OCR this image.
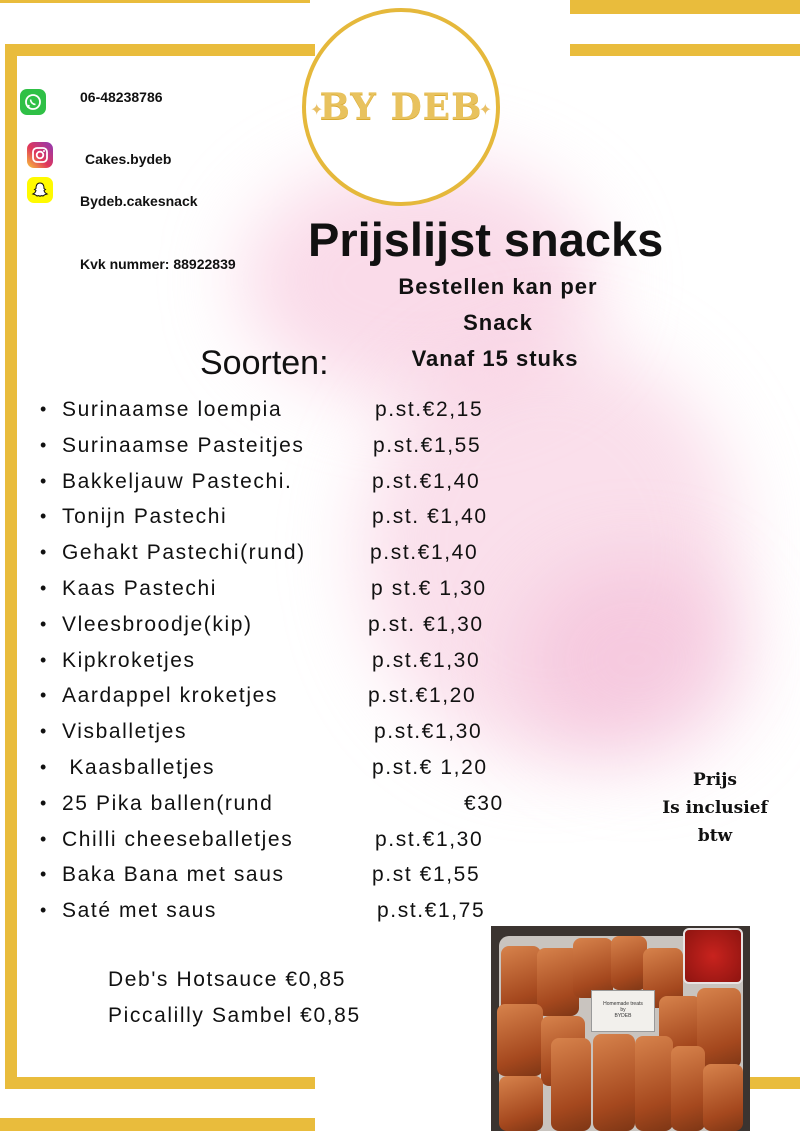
✦
BY DEB
✦
06-48238786
Cakes.bydeb
Bydeb.cakesnack
Kvk nummer: 88922839 Prijslijst snacks
Bestellen kan per
Snack
Vanaf 15 stuks
Soorten:
• Surinaamse loempia	p.st.€2,15
• Surinaamse Pasteitjes	p.st.€1,55
• Bakkeljauw Pastechi.	p.st.€1,40
• Tonijn Pastechi	p.st. €1,40
• Gehakt Pastechi(rund)	p.st.€1,40
• Kaas Pastechi	p st.€ 1,30
• Vleesbroodje(kip)	p.st. €1,30
• Kipkroketjes	p.st.€1,30
• Aardappel kroketjes	p.st.€1,20
• Visballetjes	p.st.€1,30
• Kaasballetjes	p.st.€ 1,20
• 25 Pika ballen(rund	€30
• Chilli cheeseballetjes	p.st.€1,30
• Baka Bana met saus	p.st €1,55
• Saté met saus	p.st.€1,75
Deb's Hotsauce €0,85
Piccalilly Sambel €0,85
Prijs
Is inclusief
btw
Homemade treats
by
BYDEB
